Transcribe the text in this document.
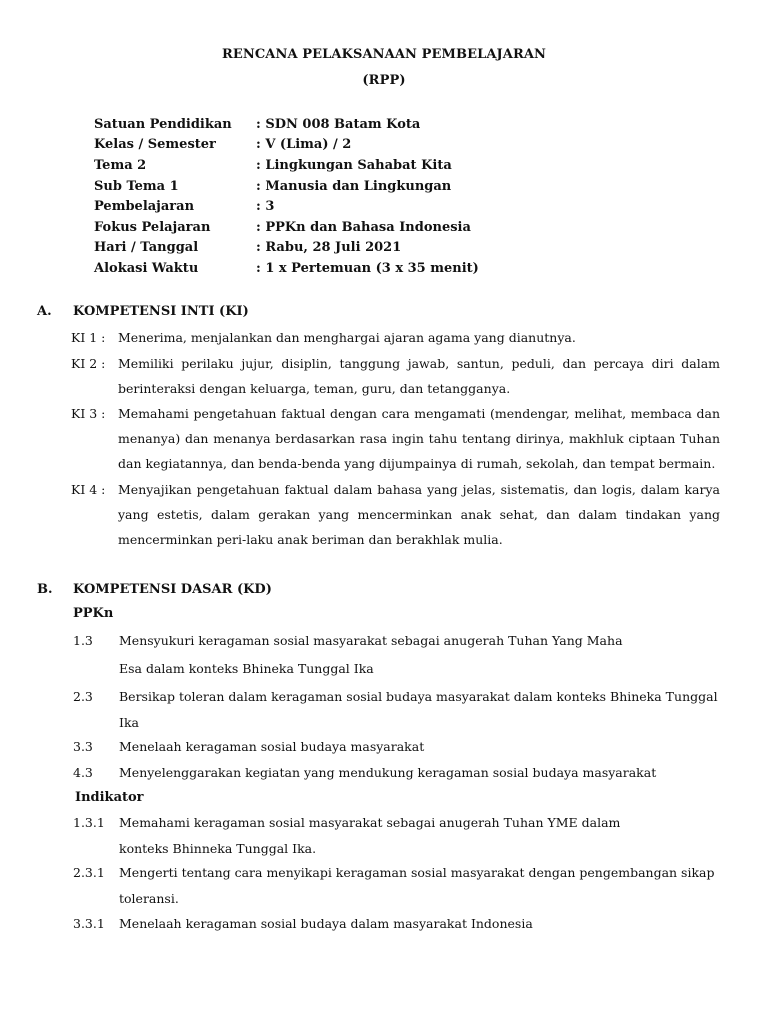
RENCANA PELAKSANAAN PEMBELAJARAN
(RPP)
Satuan Pendidikan	: SDN 008 Batam Kota
Kelas / Semester	: V (Lima) / 2
Tema 2	: Lingkungan Sahabat Kita
Sub Tema 1	: Manusia dan Lingkungan
Pembelajaran	: 3
Fokus Pelajaran	: PPKn dan Bahasa Indonesia
Hari / Tanggal	: Rabu, 28 Juli 2021
Alokasi Waktu	: 1 x Pertemuan (3 x 35 menit)
A. KOMPETENSI INTI (KI)
KI 1 : Menerima, menjalankan dan menghargai ajaran agama yang dianutnya.
KI 2 : Memiliki perilaku jujur, disiplin, tanggung jawab, santun, peduli, dan percaya diri dalam berinteraksi dengan keluarga, teman, guru, dan tetangganya.
KI 3 : Memahami pengetahuan faktual dengan cara mengamati (mendengar, melihat, membaca dan menanya) dan menanya berdasarkan rasa ingin tahu tentang dirinya, makhluk ciptaan Tuhan dan kegiatannya, dan benda-benda yang dijumpainya di rumah, sekolah, dan tempat bermain.
KI 4 : Menyajikan pengetahuan faktual dalam bahasa yang jelas, sistematis, dan logis, dalam karya yang estetis, dalam gerakan yang mencerminkan anak sehat, dan dalam tindakan yang mencerminkan peri-laku anak beriman dan berakhlak mulia.
B. KOMPETENSI DASAR (KD)
PPKn
1.3 Mensyukuri keragaman sosial masyarakat sebagai anugerah Tuhan Yang Maha
Esa dalam konteks Bhineka Tunggal Ika
2.3 Bersikap toleran dalam keragaman sosial budaya masyarakat dalam konteks Bhineka Tunggal
Ika
3.3 Menelaah keragaman sosial budaya masyarakat
4.3 Menyelenggarakan kegiatan yang mendukung keragaman sosial budaya masyarakat
Indikator
1.3.1 Memahami keragaman sosial masyarakat sebagai anugerah Tuhan YME dalam
konteks Bhinneka Tunggal Ika.
2.3.1 Mengerti tentang cara menyikapi keragaman sosial masyarakat dengan pengembangan sikap
toleransi.
3.3.1 Menelaah keragaman sosial budaya dalam masyarakat Indonesia
